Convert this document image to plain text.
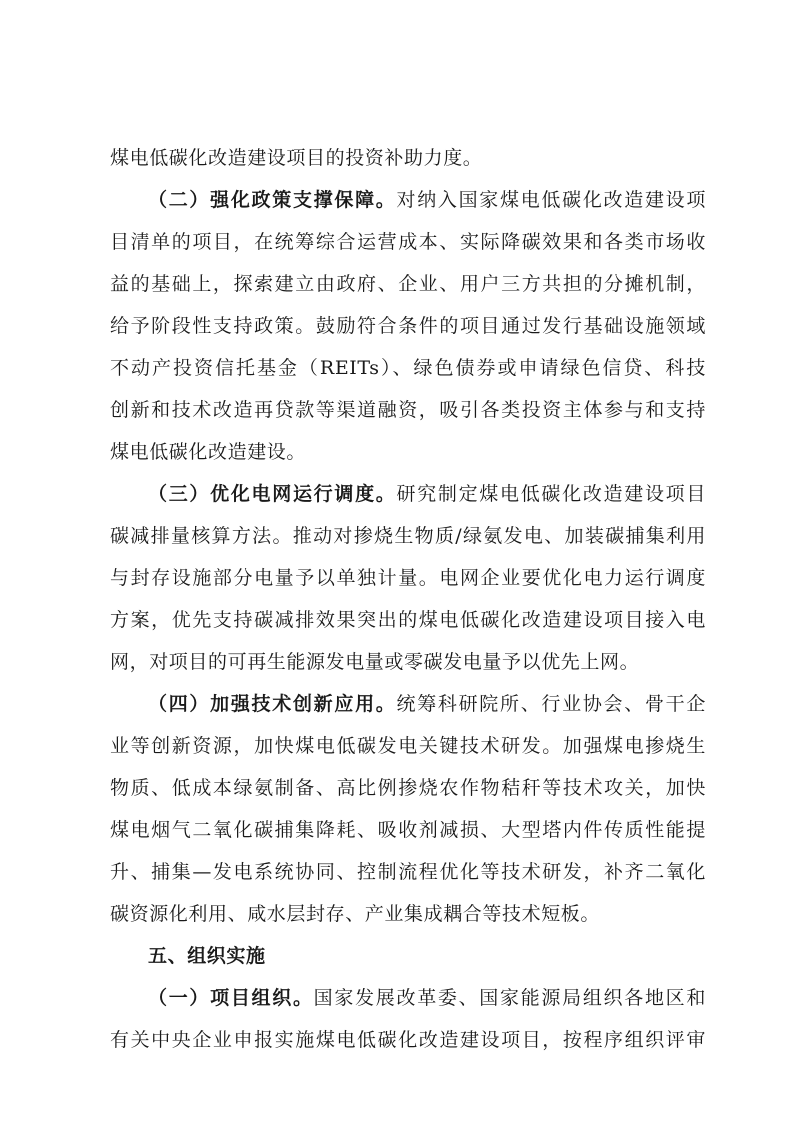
煤电低碳化改造建设项目的投资补助力度。
（二）强化政策支撑保障。对纳入国家煤电低碳化改造建设项
目清单的项目，在统筹综合运营成本、实际降碳效果和各类市场收
益的基础上，探索建立由政府、企业、用户三方共担的分摊机制，
给予阶段性支持政策。鼓励符合条件的项目通过发行基础设施领域
不动产投资信托基金（REITs）、绿色债券或申请绿色信贷、科技
创新和技术改造再贷款等渠道融资，吸引各类投资主体参与和支持
煤电低碳化改造建设。
（三）优化电网运行调度。研究制定煤电低碳化改造建设项目
碳减排量核算方法。推动对掺烧生物质/绿氨发电、加装碳捕集利用
与封存设施部分电量予以单独计量。电网企业要优化电力运行调度
方案，优先支持碳减排效果突出的煤电低碳化改造建设项目接入电
网，对项目的可再生能源发电量或零碳发电量予以优先上网。
（四）加强技术创新应用。统筹科研院所、行业协会、骨干企
业等创新资源，加快煤电低碳发电关键技术研发。加强煤电掺烧生
物质、低成本绿氨制备、高比例掺烧农作物秸秆等技术攻关，加快
煤电烟气二氧化碳捕集降耗、吸收剂减损、大型塔内件传质性能提
升、捕集—发电系统协同、控制流程优化等技术研发，补齐二氧化
碳资源化利用、咸水层封存、产业集成耦合等技术短板。
五、组织实施
（一）项目组织。国家发展改革委、国家能源局组织各地区和
有关中央企业申报实施煤电低碳化改造建设项目，按程序组织评审
